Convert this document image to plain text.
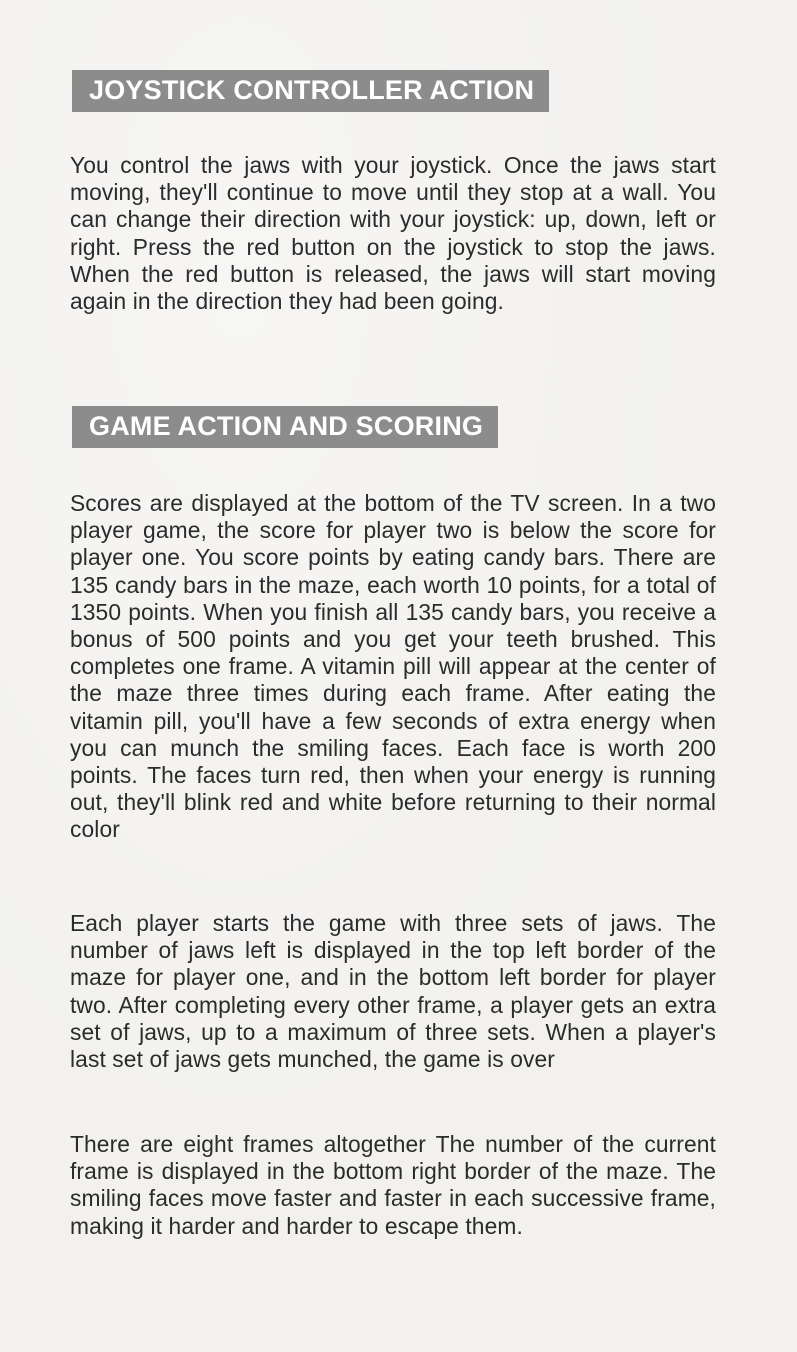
JOYSTICK CONTROLLER ACTION
You control the jaws with your joystick. Once the jaws start moving, they'll continue to move until they stop at a wall. You can change their direction with your joystick: up, down, left or right. Press the red button on the joystick to stop the jaws. When the red button is released, the jaws will start moving again in the direction they had been going.
GAME ACTION AND SCORING
Scores are displayed at the bottom of the TV screen. In a two player game, the score for player two is below the score for player one. You score points by eating candy bars. There are 135 candy bars in the maze, each worth 10 points, for a total of 1350 points. When you finish all 135 candy bars, you receive a bonus of 500 points and you get your teeth brushed. This completes one frame. A vitamin pill will appear at the center of the maze three times during each frame. After eating the vitamin pill, you'll have a few seconds of extra energy when you can munch the smiling faces. Each face is worth 200 points. The faces turn red, then when your energy is running out, they'll blink red and white before returning to their normal color
Each player starts the game with three sets of jaws. The number of jaws left is displayed in the top left border of the maze for player one, and in the bottom left border for player two. After completing every other frame, a player gets an extra set of jaws, up to a maximum of three sets. When a player's last set of jaws gets munched, the game is over
There are eight frames altogether The number of the current frame is displayed in the bottom right border of the maze. The smiling faces move faster and faster in each successive frame, making it harder and harder to escape them.
